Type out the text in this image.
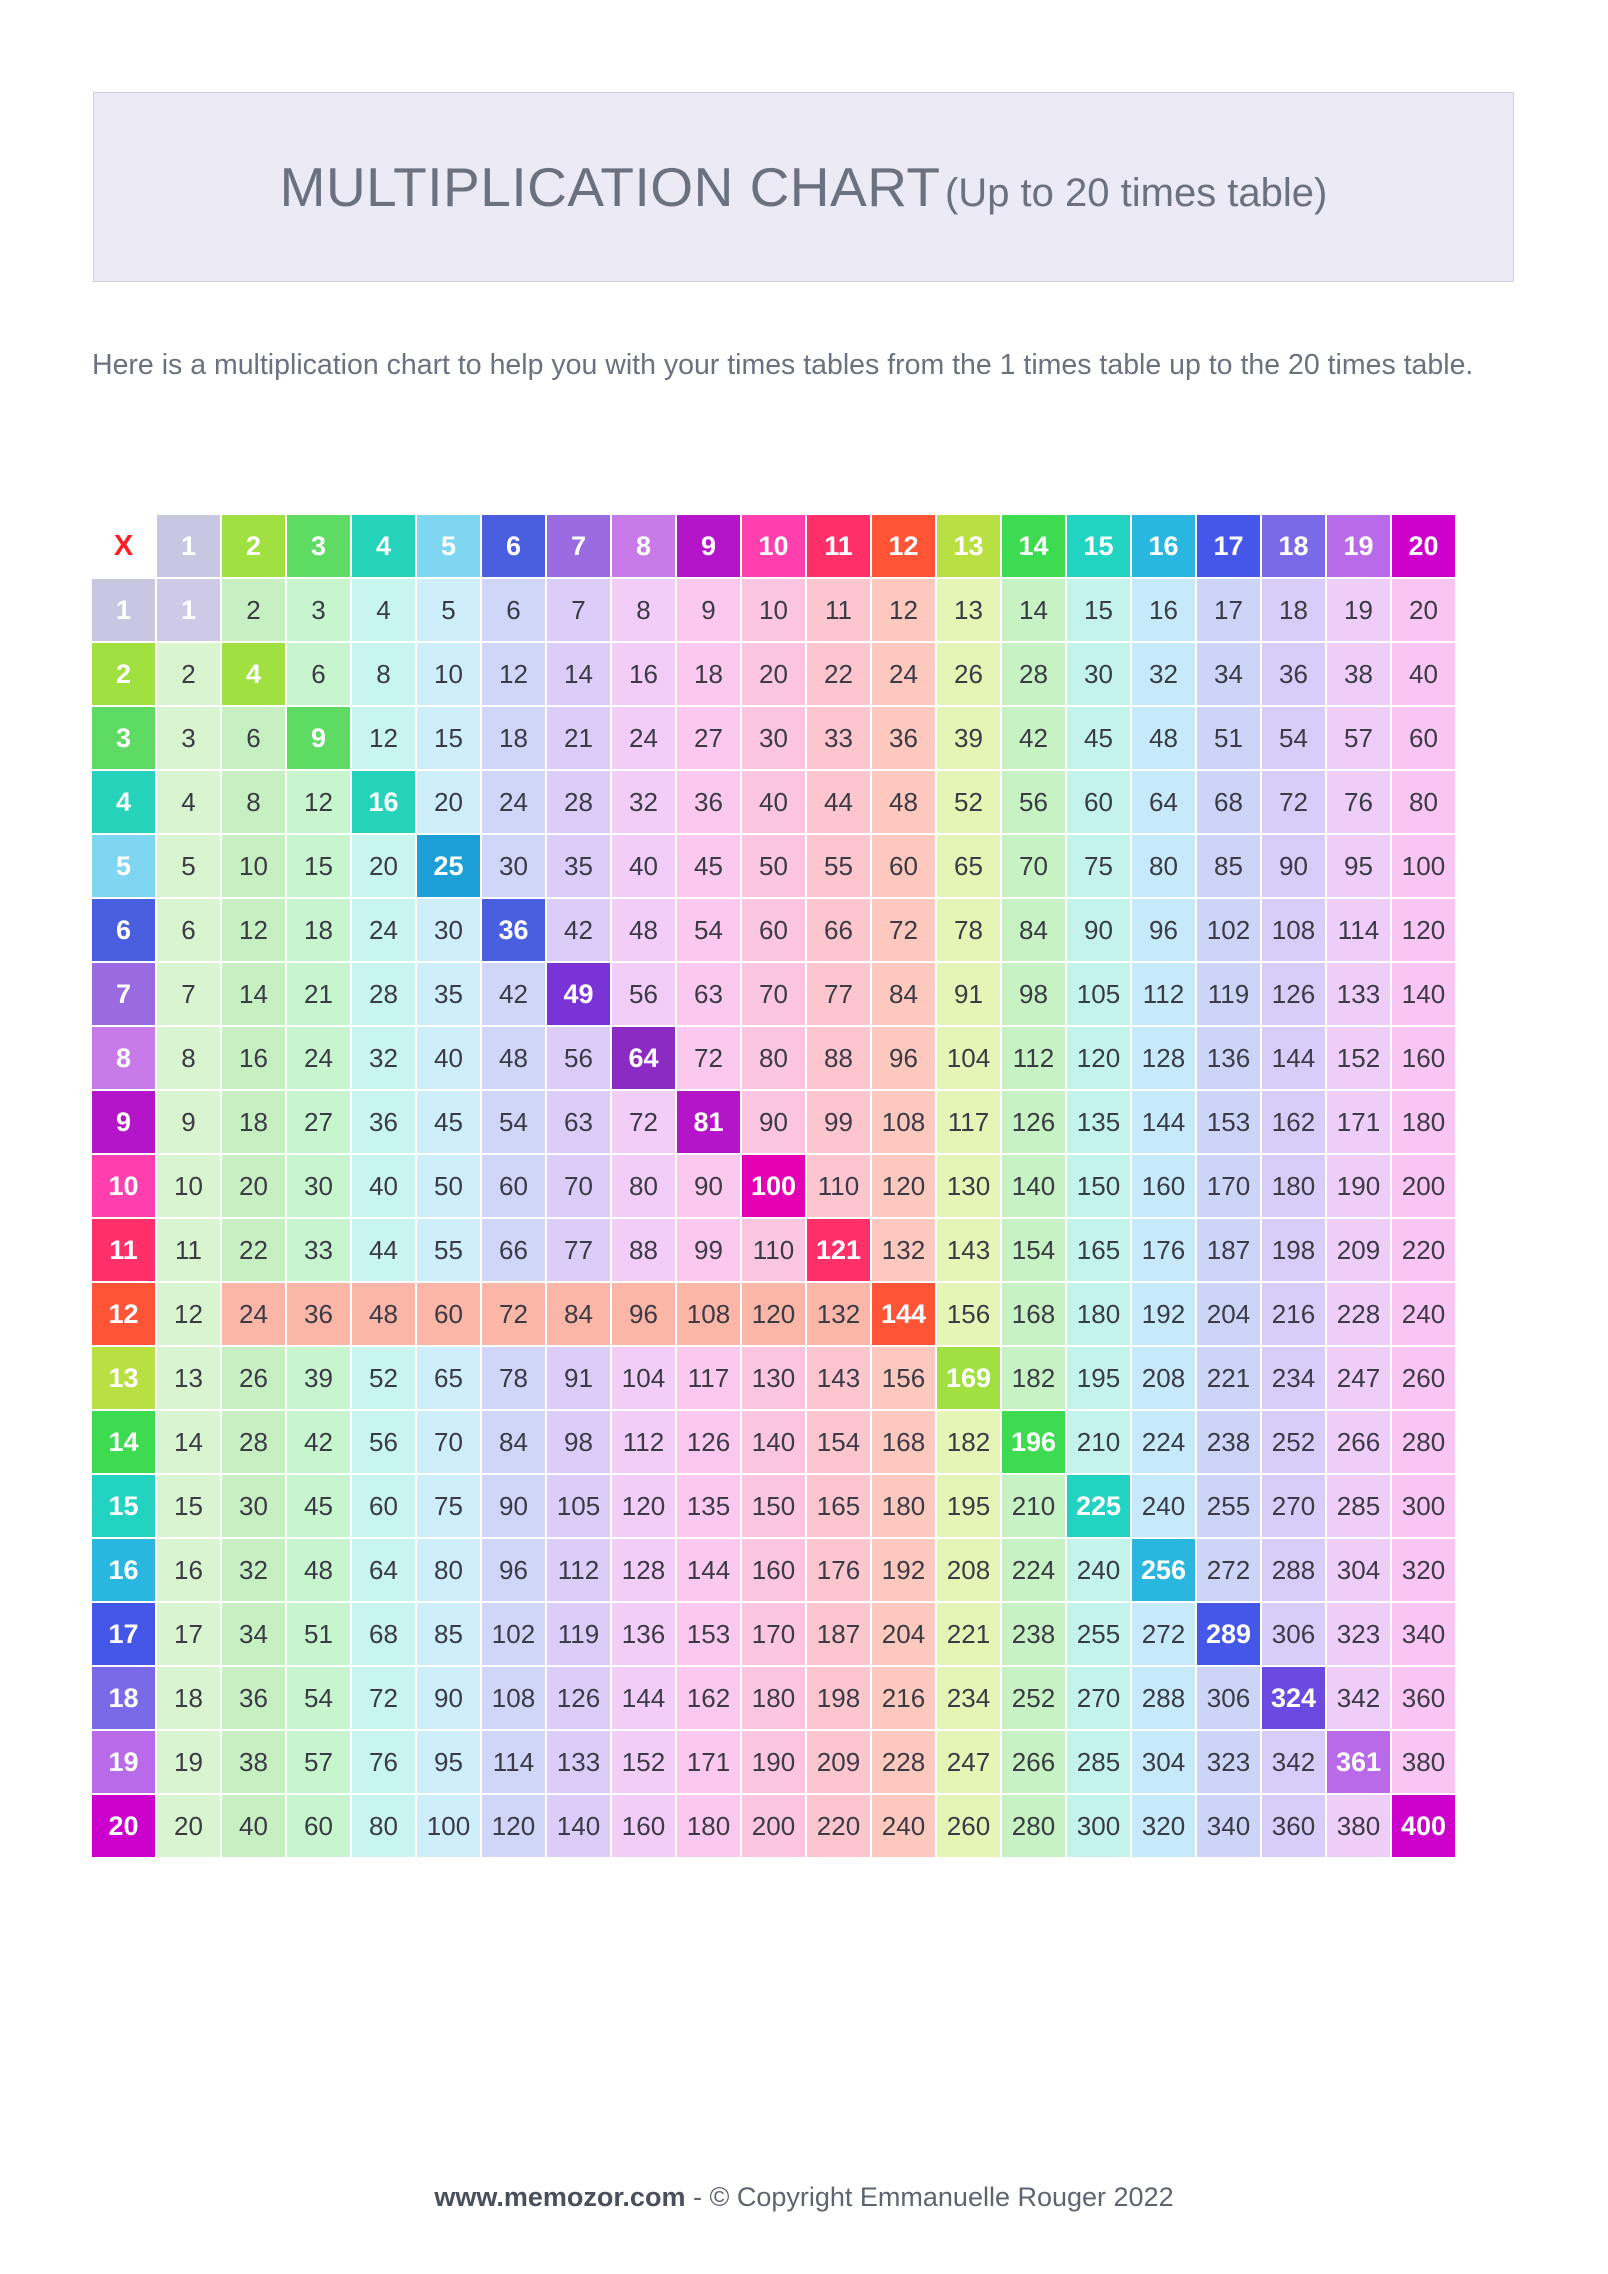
MULTIPLICATION CHART (Up to 20 times table)
Here is a multiplication chart to help you with your times tables from the 1 times table up to the 20 times table.
X	1	2	3	4	5	6	7	8	9	10	11	12	13	14	15	16	17	18	19	20
1	1	2	3	4	5	6	7	8	9	10	11	12	13	14	15	16	17	18	19	20
2	2	4	6	8	10	12	14	16	18	20	22	24	26	28	30	32	34	36	38	40
3	3	6	9	12	15	18	21	24	27	30	33	36	39	42	45	48	51	54	57	60
4	4	8	12	16	20	24	28	32	36	40	44	48	52	56	60	64	68	72	76	80
5	5	10	15	20	25	30	35	40	45	50	55	60	65	70	75	80	85	90	95	100
6	6	12	18	24	30	36	42	48	54	60	66	72	78	84	90	96	102	108	114	120
7	7	14	21	28	35	42	49	56	63	70	77	84	91	98	105	112	119	126	133	140
8	8	16	24	32	40	48	56	64	72	80	88	96	104	112	120	128	136	144	152	160
9	9	18	27	36	45	54	63	72	81	90	99	108	117	126	135	144	153	162	171	180
10	10	20	30	40	50	60	70	80	90	100	110	120	130	140	150	160	170	180	190	200
11	11	22	33	44	55	66	77	88	99	110	121	132	143	154	165	176	187	198	209	220
12	12	24	36	48	60	72	84	96	108	120	132	144	156	168	180	192	204	216	228	240
13	13	26	39	52	65	78	91	104	117	130	143	156	169	182	195	208	221	234	247	260
14	14	28	42	56	70	84	98	112	126	140	154	168	182	196	210	224	238	252	266	280
15	15	30	45	60	75	90	105	120	135	150	165	180	195	210	225	240	255	270	285	300
16	16	32	48	64	80	96	112	128	144	160	176	192	208	224	240	256	272	288	304	320
17	17	34	51	68	85	102	119	136	153	170	187	204	221	238	255	272	289	306	323	340
18	18	36	54	72	90	108	126	144	162	180	198	216	234	252	270	288	306	324	342	360
19	19	38	57	76	95	114	133	152	171	190	209	228	247	266	285	304	323	342	361	380
20	20	40	60	80	100	120	140	160	180	200	220	240	260	280	300	320	340	360	380	400
www.memozor.com - © Copyright Emmanuelle Rouger 2022
